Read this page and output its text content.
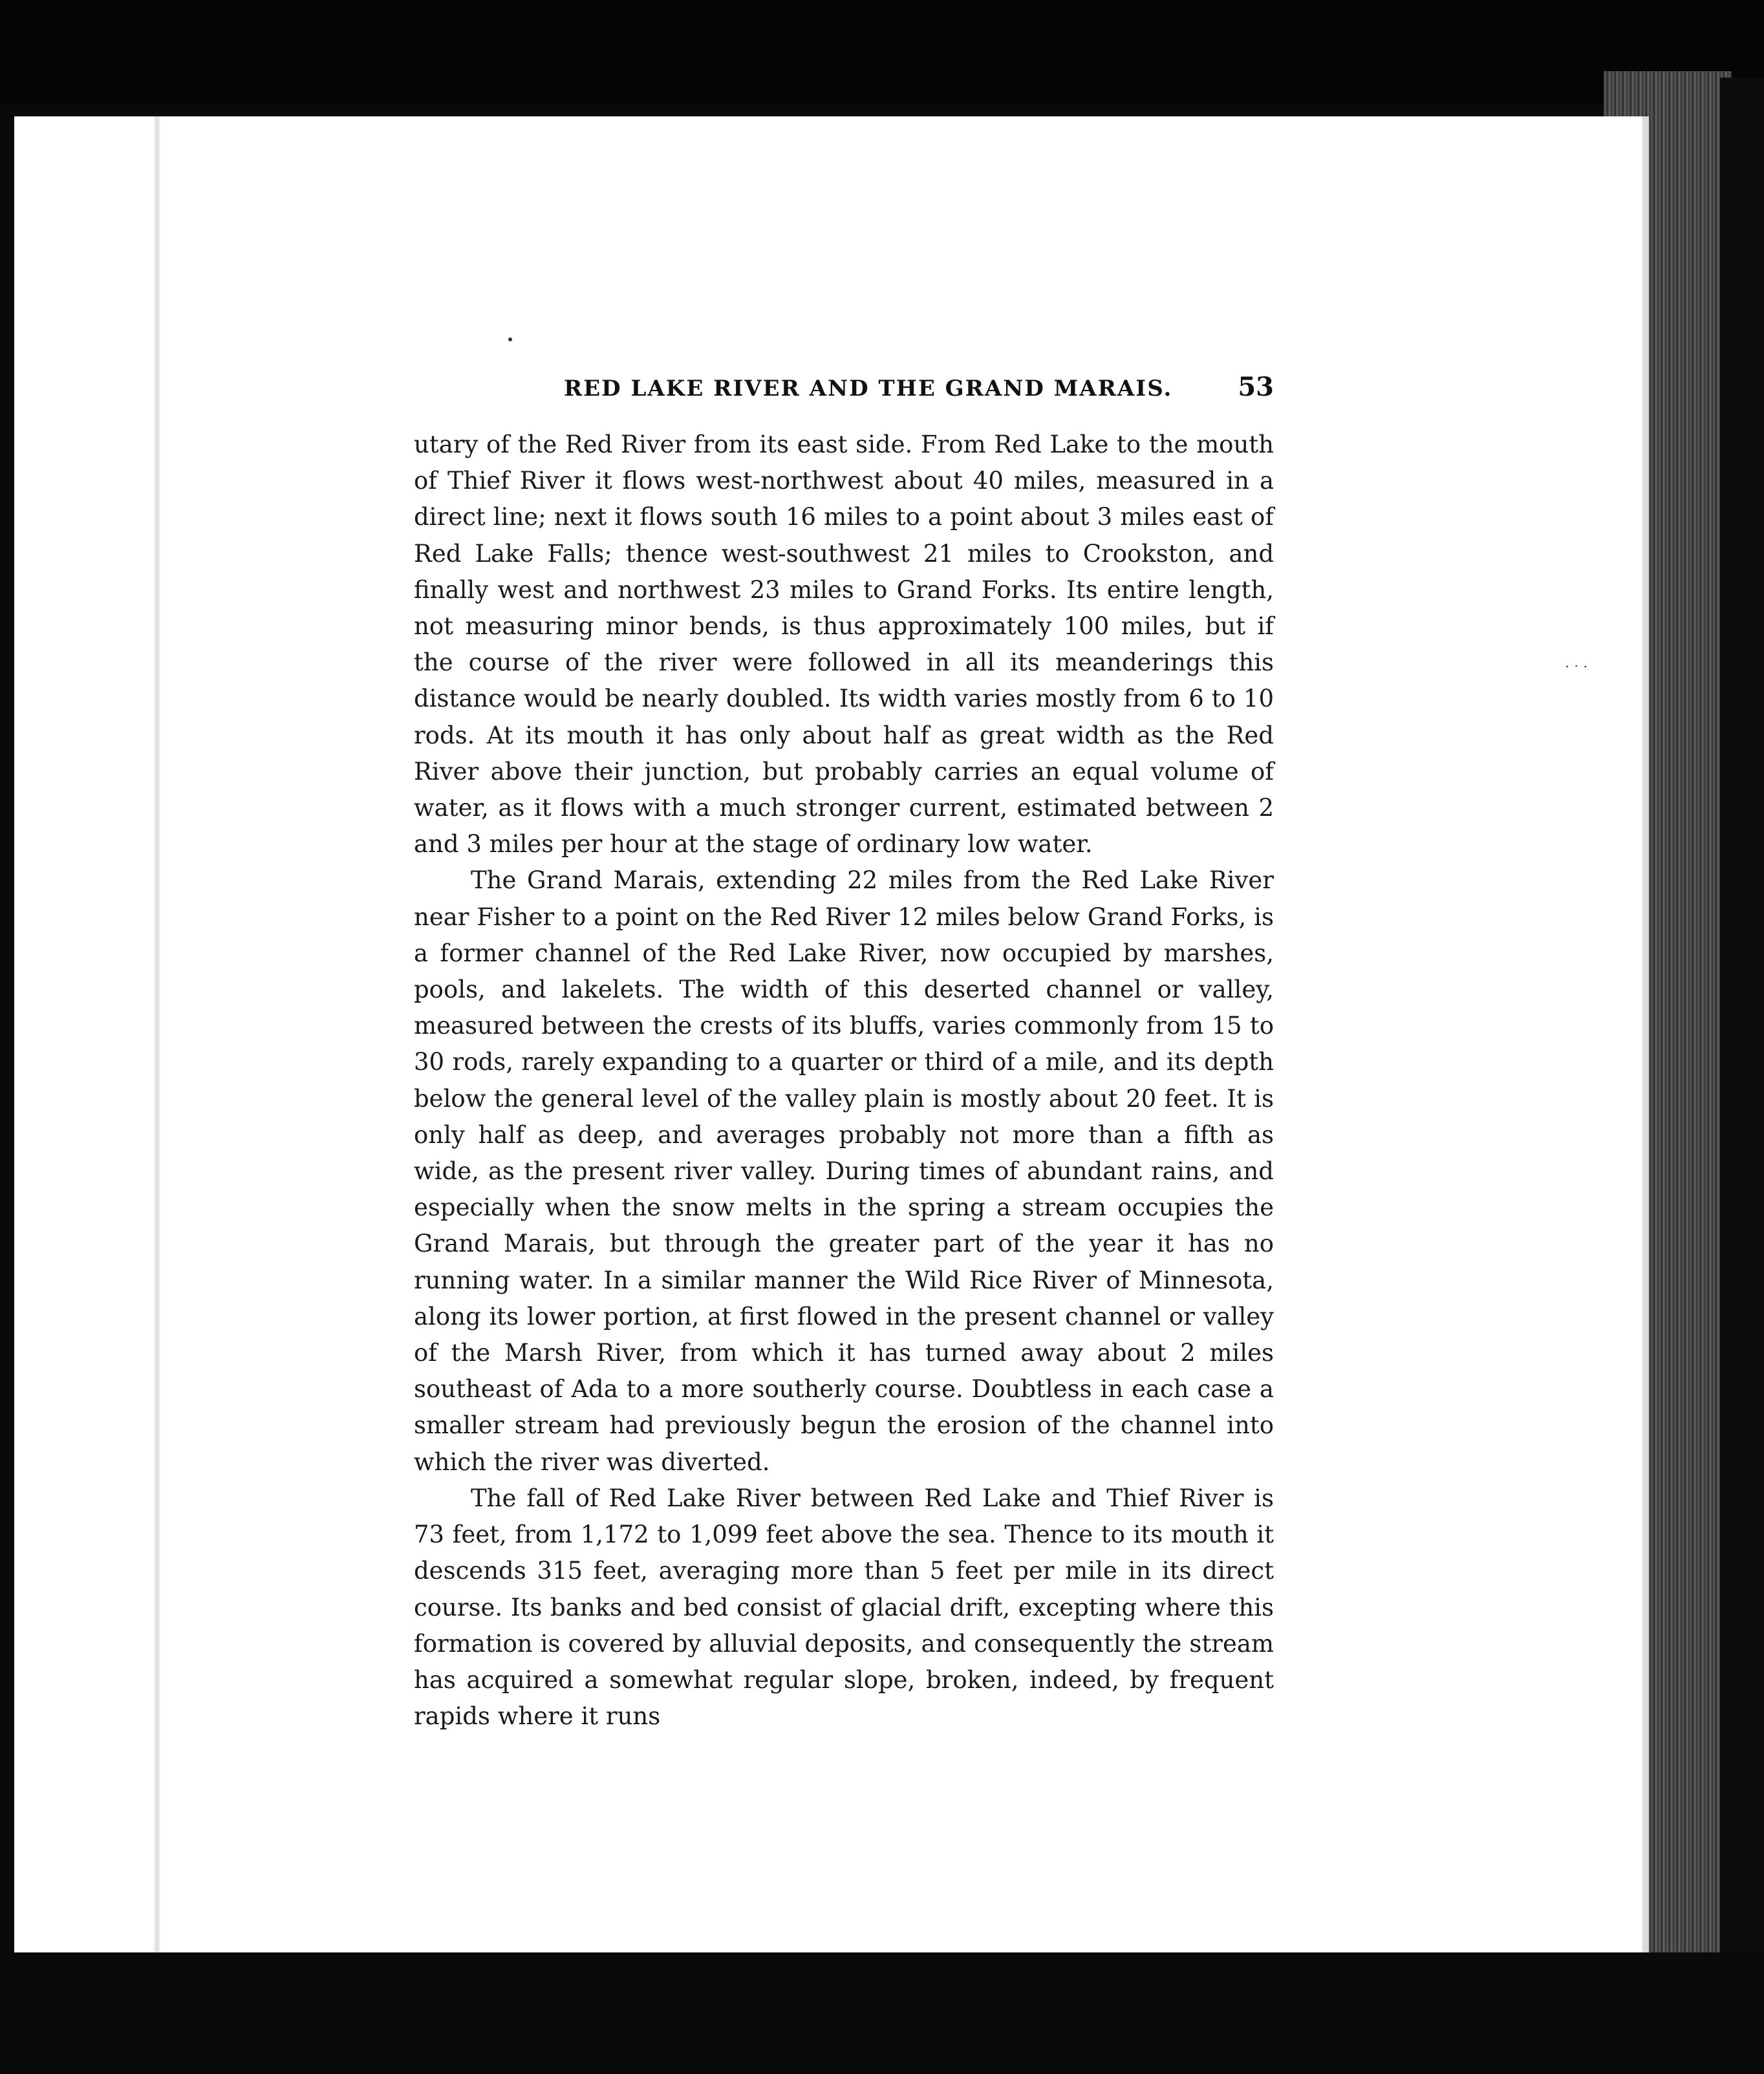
· ˑ ·
RED LAKE RIVER AND THE GRAND MARAIS.	53

utary of the Red River from its east side. From Red Lake to the mouth of Thief River it flows west-northwest about 40 miles, measured in a direct line; next it flows south 16 miles to a point about 3 miles east of Red Lake Falls; thence west-southwest 21 miles to Crookston, and finally west and northwest 23 miles to Grand Forks. Its entire length, not measuring minor bends, is thus approximately 100 miles, but if the course of the river were followed in all its meanderings this distance would be nearly doubled. Its width varies mostly from 6 to 10 rods. At its mouth it has only about half as great width as the Red River above their junction, but probably carries an equal volume of water, as it flows with a much stronger current, estimated between 2 and 3 miles per hour at the stage of ordinary low water.

The Grand Marais, extending 22 miles from the Red Lake River near Fisher to a point on the Red River 12 miles below Grand Forks, is a former channel of the Red Lake River, now occupied by marshes, pools, and lakelets. The width of this deserted channel or valley, measured between the crests of its bluffs, varies commonly from 15 to 30 rods, rarely expanding to a quarter or third of a mile, and its depth below the general level of the valley plain is mostly about 20 feet. It is only half as deep, and averages probably not more than a fifth as wide, as the present river valley. During times of abundant rains, and especially when the snow melts in the spring a stream occupies the Grand Marais, but through the greater part of the year it has no running water. In a similar manner the Wild Rice River of Minnesota, along its lower portion, at first flowed in the present channel or valley of the Marsh River, from which it has turned away about 2 miles southeast of Ada to a more southerly course. Doubtless in each case a smaller stream had previously begun the erosion of the channel into which the river was diverted.

The fall of Red Lake River between Red Lake and Thief River is 73 feet, from 1,172 to 1,099 feet above the sea. Thence to its mouth it descends 315 feet, averaging more than 5 feet per mile in its direct course. Its banks and bed consist of glacial drift, excepting where this formation is covered by alluvial deposits, and consequently the stream has acquired a somewhat regular slope, broken, indeed, by frequent rapids where it runs
